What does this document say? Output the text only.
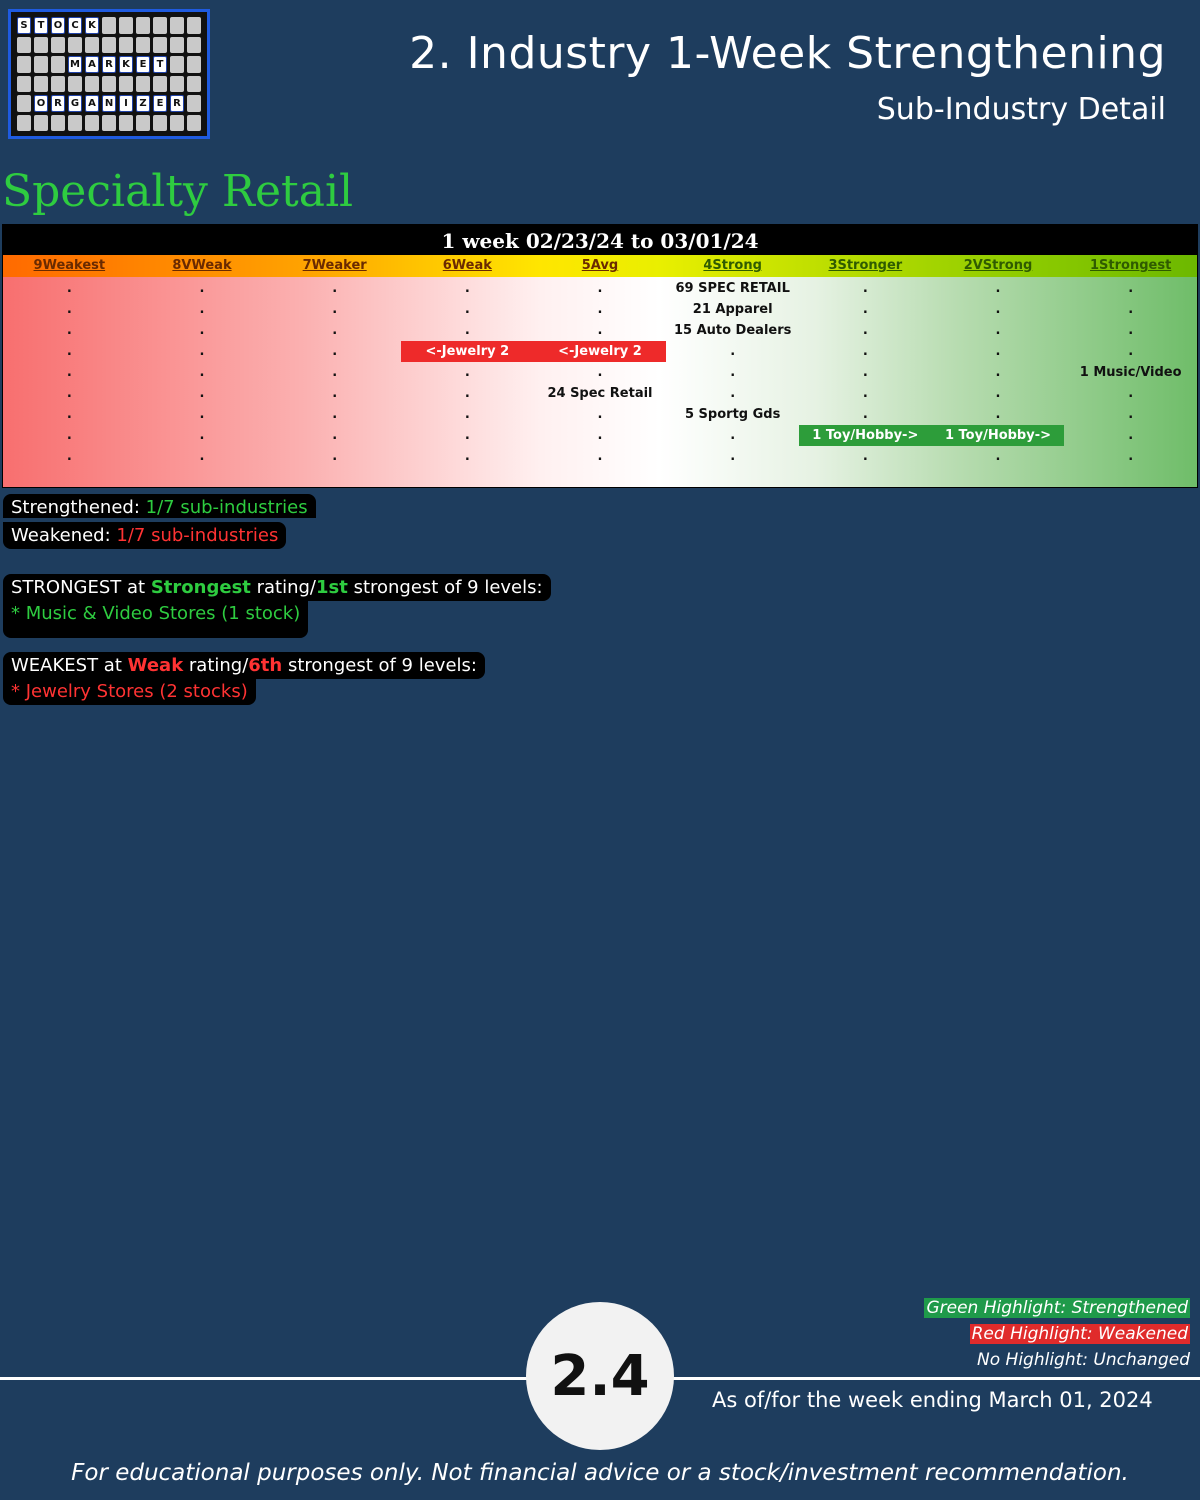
S T O C K
M A R K E	T
O R G A N	I	Z E R
2. Industry 1-Week Strengthening
Sub-Industry Detail
Specialty Retail
1 week 02/23/24 to 03/01/24
9Weakest	8VWeak	7Weaker	6Weak	5Avg	4Strong	3Stronger	2VStrong	1Strongest
.	.	.	.	.	69 SPEC RETAIL	.	.	.
.	.	.	.	.	21 Apparel	.	.	.
.	.	.	.	.	15 Auto Dealers	.	.	.
.	.	.	<-Jewelry 2	<-Jewelry 2	.	.	.	.
.	.	.	.	.	.	.	.	1 Music/Video
.	.	.	.	24 Spec Retail	.	.	.	.
.	.	.	.	.	5 Sportg Gds	.	.	.
.	.	.	.	.	.	1 Toy/Hobby->	1 Toy/Hobby->	.
.	.	.	.	.	.	.	.	.
Strengthened: 1/7 sub-industries
Weakened: 1/7 sub-industries
STRONGEST at Strongest rating/1st strongest of 9 levels:
* Music & Video Stores (1 stock)
WEAKEST at Weak rating/6th strongest of 9 levels:
* Jewelry Stores (2 stocks)
Green Highlight: Strengthened
Red Highlight: Weakened
No Highlight: Unchanged
2.4	As of/for the week ending March 01, 2024
For educational purposes only. Not financial advice or a stock/investment recommendation.
